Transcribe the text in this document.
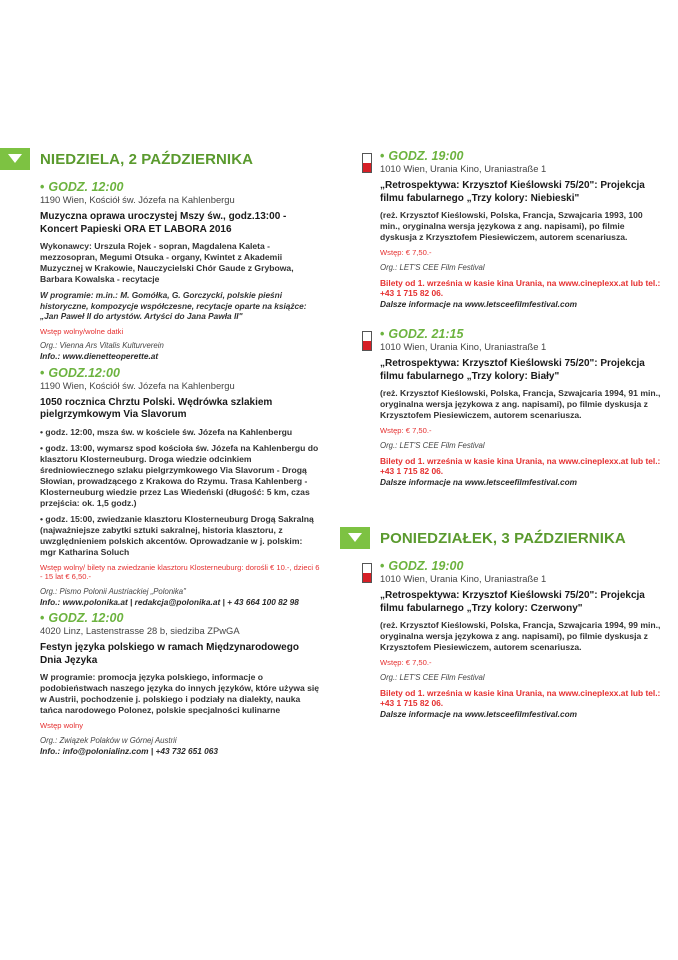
NIEDZIELA, 2 PAŹDZIERNIKA
• GODZ. 12:00
1190 Wien, Kościół św. Józefa na Kahlenbergu
Muzyczna oprawa uroczystej Mszy św., godz.13:00 - Koncert Papieski ORA ET LABORA 2016
Wykonawcy: Urszula Rojek - sopran, Magdalena Kaleta - mezzosopran, Megumi Otsuka - organy, Kwintet z Akademii Muzycznej w Krakowie, Nauczycielski Chór Gaude z Grybowa, Barbara Kowalska - recytacje
W programie: m.in.: M. Gomółka, G. Gorczycki, polskie pieśni historyczne, kompozycje współczesne, recytacje oparte na książce: „Jan Paweł II do artystów. Artyści do Jana Pawła II"
Wstęp wolny/wolne datki
Org.: Vienna Ars Vitalis Kulturverein
Info.: www.dienetteoperette.at
• GODZ.12:00
1190 Wien, Kościół św. Józefa na Kahlenbergu
1050 rocznica Chrztu Polski. Wędrówka szlakiem pielgrzymkowym Via Slavorum
• godz. 12:00, msza św. w kościele św. Józefa na Kahlenbergu
• godz. 13:00, wymarsz spod kościoła św. Józefa na Kahlenbergu do klasztoru Klosterneuburg. Droga wiedzie odcinkiem średniowiecznego szlaku pielgrzymkowego Via Slavorum - Drogą Słowian, prowadzącego z Krakowa do Rzymu. Trasa Kahlenberg - Klosterneuburg wiedzie przez Las Wiedeński (długość: 5 km, czas przejścia: ok. 1,5 godz.)
• godz. 15:00, zwiedzanie klasztoru Klosterneuburg Drogą Sakralną (najważniejsze zabytki sztuki sakralnej, historia klasztoru, z uwzględnieniem polskich akcentów. Oprowadzanie w j. polskim: mgr Katharina Soluch
Wstęp wolny/ bilety na zwiedzanie klasztoru Klosterneuburg: dorośli € 10.-, dzieci 6 - 15 lat € 6,50.-
Org.: Pismo Polonii Austriackiej „Polonika"
Info.: www.polonika.at | redakcja@polonika.at | + 43 664 100 82 98
• GODZ. 12:00
4020 Linz, Lastenstrasse 28 b, siedziba ZPwGA
Festyn języka polskiego w ramach Międzynarodowego Dnia Języka
W programie: promocja języka polskiego, informacje o podobieństwach naszego języka do innych języków, które używa się w Austrii, pochodzenie j. polskiego i podziały na dialekty, nauka tańca narodowego Polonez, polskie specjalności kulinarne
Wstęp wolny
Org.: Związek Polaków w Górnej Austrii
Info.: info@polonialinz.com | +43 732 651 063
• GODZ. 19:00
1010 Wien, Urania Kino, Uraniastraße 1
„Retrospektywa: Krzysztof Kieślowski 75/20": Projekcja filmu fabularnego „Trzy kolory: Niebieski"
(reż. Krzysztof Kieślowski, Polska, Francja, Szwajcaria 1993, 100 min., oryginalna wersja językowa z ang. napisami), po filmie dyskusja z Krzysztofem Piesiewiczem, autorem scenariusza.
Wstęp: € 7,50.-
Org.: LET'S CEE Film Festival
Bilety od 1. września w kasie kina Urania, na www.cineplexx.at lub tel.: +43 1 715 82 06.
Dalsze informacje na www.letsceefilmfestival.com
• GODZ. 21:15
1010 Wien, Urania Kino, Uraniastraße 1
„Retrospektywa: Krzysztof Kieślowski 75/20": Projekcja filmu fabularnego „Trzy kolory: Biały"
(reż. Krzysztof Kieślowski, Polska, Francja, Szwajcaria 1994, 91 min., oryginalna wersja językowa z ang. napisami), po filmie dyskusja z Krzysztofem Piesiewiczem, autorem scenariusza.
Wstęp: € 7,50.-
Org.: LET'S CEE Film Festival
Bilety od 1. września w kasie kina Urania, na www.cineplexx.at lub tel.: +43 1 715 82 06.
Dalsze informacje na www.letsceefilmfestival.com
PONIEDZIAŁEK, 3 PAŹDZIERNIKA
• GODZ. 19:00
1010 Wien, Urania Kino, Uraniastraße 1
„Retrospektywa: Krzysztof Kieślowski 75/20": Projekcja filmu fabularnego „Trzy kolory: Czerwony"
(reż. Krzysztof Kieślowski, Polska, Francja, Szwajcaria 1994, 99 min., oryginalna wersja językowa z ang. napisami), po filmie dyskusja z Krzysztofem Piesiewiczem, autorem scenariusza.
Wstęp: € 7,50.-
Org.: LET'S CEE Film Festival
Bilety od 1. września w kasie kina Urania, na www.cineplexx.at lub tel.: +43 1 715 82 06.
Dalsze informacje na www.letsceefilmfestival.com
